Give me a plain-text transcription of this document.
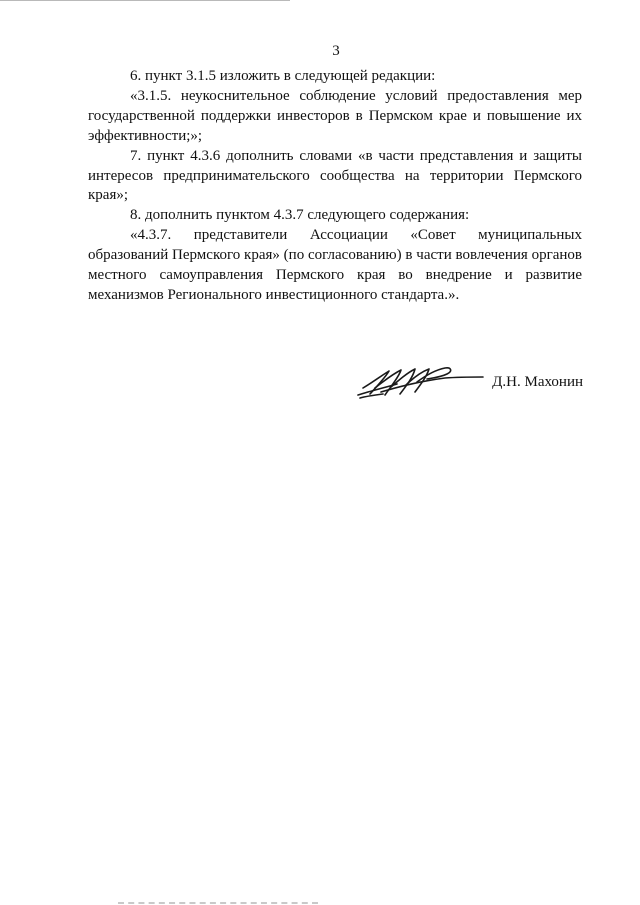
3

6. пункт 3.1.5 изложить в следующей редакции:

«3.1.5. неукоснительное соблюдение условий предоставления мер государственной поддержки инвесторов в Пермском крае и повышение их эффективности;»;

7. пункт 4.3.6 дополнить словами «в части представления и защиты интересов предпринимательского сообщества на территории Пермского края»;

8. дополнить пунктом 4.3.7 следующего содержания:

«4.3.7. представители Ассоциации «Совет муниципальных образований Пермского края» (по согласованию) в части вовлечения органов местного самоуправления Пермского края во внедрение и развитие механизмов Регионального инвестиционного стандарта.».

Д.Н. Махонин
